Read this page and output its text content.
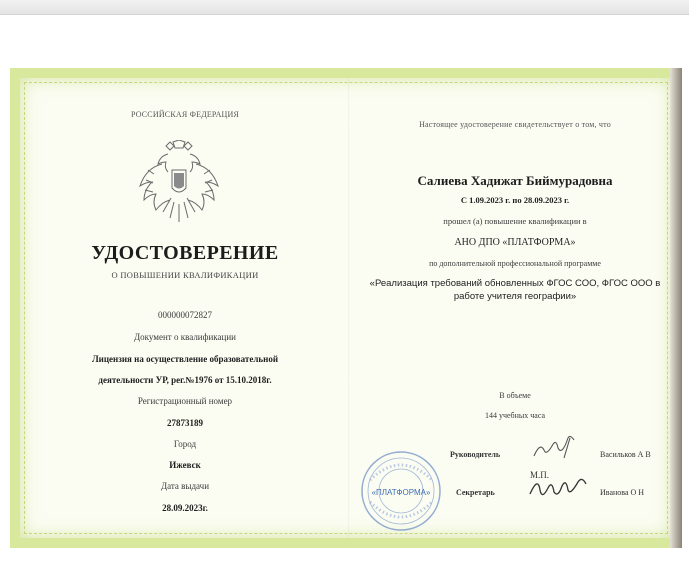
РОССИЙСКАЯ ФЕДЕРАЦИЯ
УДОСТОВЕРЕНИЕ
О ПОВЫШЕНИИ КВАЛИФИКАЦИИ
000000072827
Документ о квалификации
Лицензия на осуществление образовательной
деятельности УР, рег.№1976 от 15.10.2018г.
Регистрационный номер
27873189
Город
Ижевск
Дата выдачи
28.09.2023г.
Настоящее удостоверение свидетельствует о том, что
Салиева Хадижат Биймурадовна
С 1.09.2023 г. по 28.09.2023 г.
прошел (а) повышение квалификации в
АНО ДПО «ПЛАТФОРМА»
по дополнительной профессиональной программе
«Реализация требований обновленных ФГОС СОО, ФГОС ООО в работе учителя географии»
В объеме
144 учебных часа
Руководитель	Васильков А В
М.П.
Секретарь	Иванова О Н
«ПЛАТФОРМА»
